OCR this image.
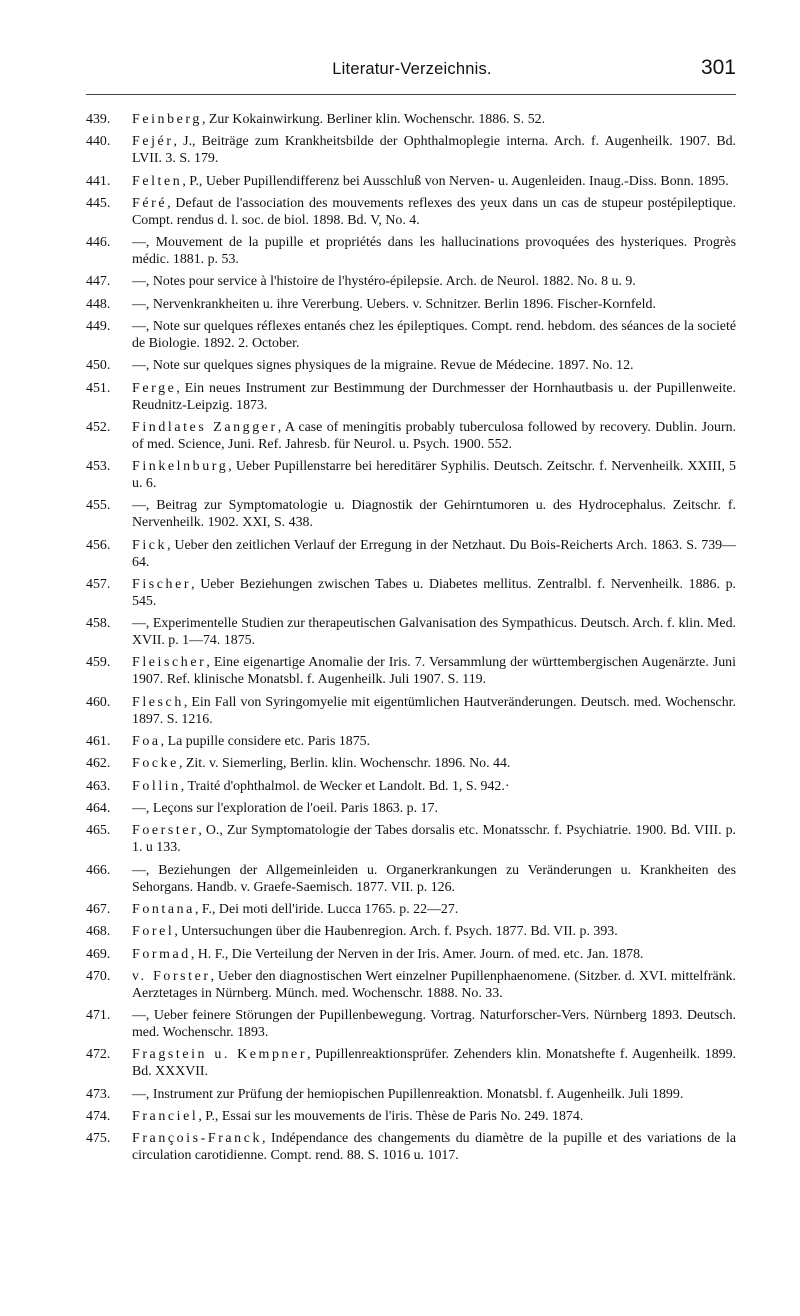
Literatur-Verzeichnis.	301
439. Feinberg, Zur Kokainwirkung. Berliner klin. Wochenschr. 1886. S. 52.
440. Fejér, J., Beiträge zum Krankheitsbilde der Ophthalmoplegie interna. Arch. f. Augenheilk. 1907. Bd. LVII. 3. S. 179.
441. Felten, P., Ueber Pupillendifferenz bei Ausschluß von Nerven- u. Augenleiden. Inaug.-Diss. Bonn. 1895.
445. Féré, Defaut de l'association des mouvements reflexes des yeux dans un cas de stupeur postépileptique. Compt. rendus d. l. soc. de biol. 1898. Bd. V, No. 4.
446. —, Mouvement de la pupille et propriétés dans les hallucinations provoquées des hysteriques. Progrès médic. 1881. p. 53.
447. —, Notes pour service à l'histoire de l'hystéro-épilepsie. Arch. de Neurol. 1882. No. 8 u. 9.
448. —, Nervenkrankheiten u. ihre Vererbung. Uebers. v. Schnitzer. Berlin 1896. Fischer-Kornfeld.
449. —, Note sur quelques réflexes entanés chez les épileptiques. Compt. rend. hebdom. des séances de la societé de Biologie. 1892. 2. October.
450. —, Note sur quelques signes physiques de la migraine. Revue de Médecine. 1897. No. 12.
451. Ferge, Ein neues Instrument zur Bestimmung der Durchmesser der Hornhautbasis u. der Pupillenweite. Reudnitz-Leipzig. 1873.
452. Findlates Zangger, A case of meningitis probably tuberculosa followed by recovery. Dublin. Journ. of med. Science, Juni. Ref. Jahresb. für Neurol. u. Psych. 1900. 552.
453. Finkelnburg, Ueber Pupillenstarre bei hereditärer Syphilis. Deutsch. Zeitschr. f. Nervenheilk. XXIII, 5 u. 6.
455. —, Beitrag zur Symptomatologie u. Diagnostik der Gehirntumoren u. des Hydrocephalus. Zeitschr. f. Nervenheilk. 1902. XXI, S. 438.
456. Fick, Ueber den zeitlichen Verlauf der Erregung in der Netzhaut. Du Bois-Reicherts Arch. 1863. S. 739—64.
457. Fischer, Ueber Beziehungen zwischen Tabes u. Diabetes mellitus. Zentralbl. f. Nervenheilk. 1886. p. 545.
458. —, Experimentelle Studien zur therapeutischen Galvanisation des Sympathicus. Deutsch. Arch. f. klin. Med. XVII. p. 1—74. 1875.
459. Fleischer, Eine eigenartige Anomalie der Iris. 7. Versammlung der württembergischen Augenärzte. Juni 1907. Ref. klinische Monatsbl. f. Augenheilk. Juli 1907. S. 119.
460. Flesch, Ein Fall von Syringomyelie mit eigentümlichen Hautveränderungen. Deutsch. med. Wochenschr. 1897. S. 1216.
461. Foa, La pupille considere etc. Paris 1875.
462. Focke, Zit. v. Siemerling, Berlin. klin. Wochenschr. 1896. No. 44.
463. Follin, Traité d'ophthalmol. de Wecker et Landolt. Bd. 1, S. 942.·
464. —, Leçons sur l'exploration de l'oeil. Paris 1863. p. 17.
465. Foerster, O., Zur Symptomatologie der Tabes dorsalis etc. Monatsschr. f. Psychiatrie. 1900. Bd. VIII. p. 1. u 133.
466. —, Beziehungen der Allgemeinleiden u. Organerkrankungen zu Veränderungen u. Krankheiten des Sehorgans. Handb. v. Graefe-Saemisch. 1877. VII. p. 126.
467. Fontana, F., Dei moti dell'iride. Lucca 1765. p. 22—27.
468. Forel, Untersuchungen über die Haubenregion. Arch. f. Psych. 1877. Bd. VII. p. 393.
469. Formad, H. F., Die Verteilung der Nerven in der Iris. Amer. Journ. of med. etc. Jan. 1878.
470. v. Forster, Ueber den diagnostischen Wert einzelner Pupillenphaenomene. (Sitzber. d. XVI. mittelfränk. Aerztetages in Nürnberg. Münch. med. Wochenschr. 1888. No. 33.
471. —, Ueber feinere Störungen der Pupillenbewegung. Vortrag. Naturforscher-Vers. Nürnberg 1893. Deutsch. med. Wochenschr. 1893.
472. Fragstein u. Kempner, Pupillenreaktionsprüfer. Zehenders klin. Monatshefte f. Augenheilk. 1899. Bd. XXXVII.
473. —, Instrument zur Prüfung der hemiopischen Pupillenreaktion. Monatsbl. f. Augenheilk. Juli 1899.
474. Franciel, P., Essai sur les mouvements de l'iris. Thèse de Paris No. 249. 1874.
475. François-Franck, Indépendance des changements du diamètre de la pupille et des variations de la circulation carotidienne. Compt. rend. 88. S. 1016 u. 1017.
